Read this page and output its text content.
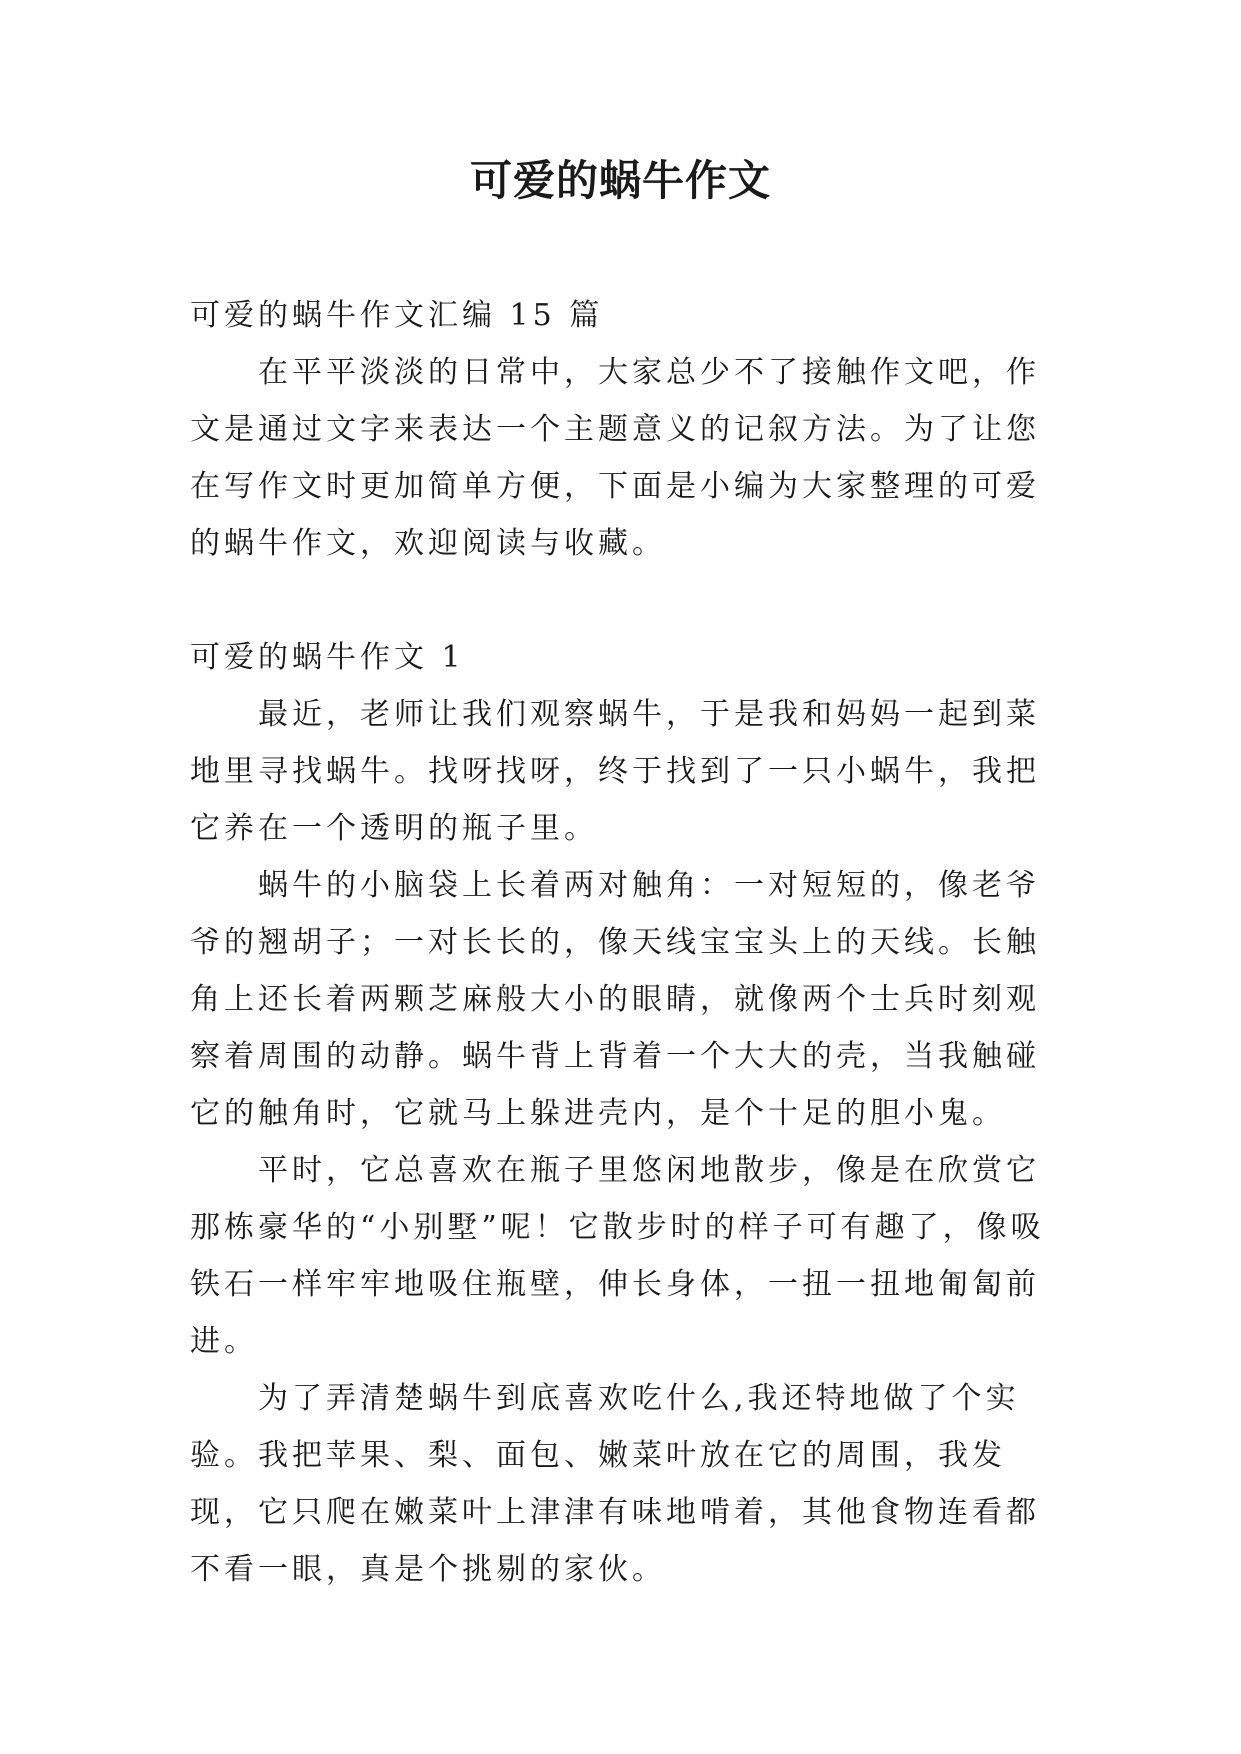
可爱的蜗牛作文

可爱的蜗牛作文汇编 15 篇

在平平淡淡的日常中，大家总少不了接触作文吧，作文是通过文字来表达一个主题意义的记叙方法。为了让您在写作文时更加简单方便，下面是小编为大家整理的可爱的蜗牛作文，欢迎阅读与收藏。

可爱的蜗牛作文 1

最近，老师让我们观察蜗牛，于是我和妈妈一起到菜地里寻找蜗牛。找呀找呀，终于找到了一只小蜗牛，我把它养在一个透明的瓶子里。

蜗牛的小脑袋上长着两对触角：一对短短的，像老爷爷的翘胡子；一对长长的，像天线宝宝头上的天线。长触角上还长着两颗芝麻般大小的眼睛，就像两个士兵时刻观察着周围的动静。蜗牛背上背着一个大大的壳，当我触碰它的触角时，它就马上躲进壳内，是个十足的胆小鬼。

平时，它总喜欢在瓶子里悠闲地散步，像是在欣赏它那栋豪华的“小别墅”呢！它散步时的样子可有趣了，像吸铁石一样牢牢地吸住瓶壁，伸长身体，一扭一扭地匍匐前进。

为了弄清楚蜗牛到底喜欢吃什么,我还特地做了个实验。我把苹果、梨、面包、嫩菜叶放在它的周围，我发现，它只爬在嫩菜叶上津津有味地啃着，其他食物连看都不看一眼，真是个挑剔的家伙。
